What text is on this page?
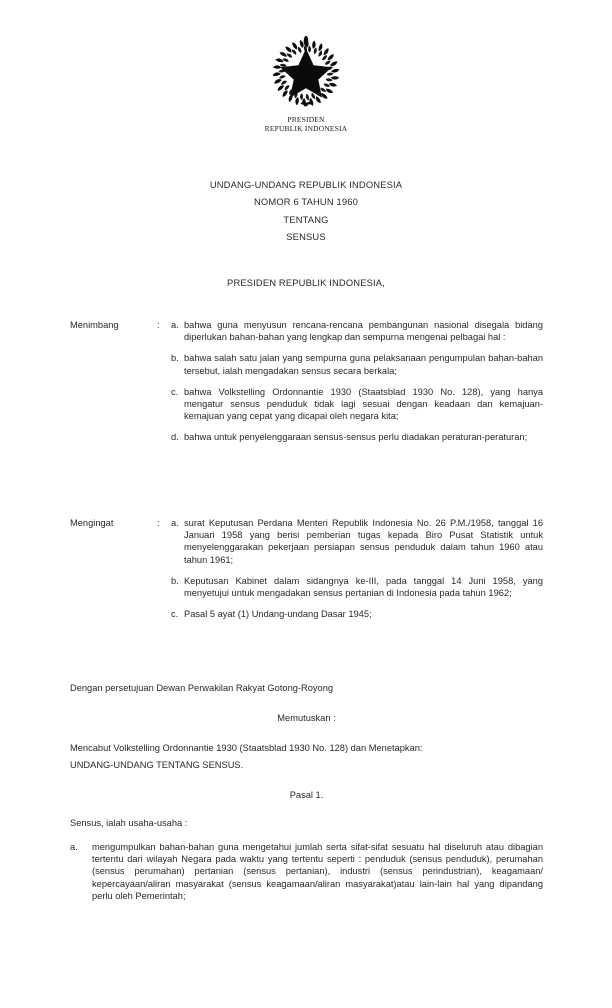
PRESIDEN
REPUBLIK INDONESIA
UNDANG-UNDANG REPUBLIK INDONESIA
NOMOR 6 TAHUN 1960
TENTANG
SENSUS
PRESIDEN REPUBLIK INDONESIA,
Menimbang	: a. bahwa guna menyusun rencana-rencana pembangunan nasional disegala bidang diperlukan bahan-bahan yang lengkap dan sempurna mengenai pelbagai hal :
b. bahwa salah satu jalan yang sempurna guna pelaksanaan pengumpulan bahan-bahan tersebut, ialah mengadakan sensus secara berkala;
c. bahwa Volkstelling Ordonnantie 1930 (Staatsblad 1930 No. 128), yang hanya mengatur sensus penduduk tidak lagi sesuai dengan keadaan dan kemajuan-kemajuan yang cepat yang dicapai oleh negara kita;
d. bahwa untuk penyelenggaraan sensus-sensus perlu diadakan peraturan-peraturan;
Mengingat	: a. surat Keputusan Perdana Menteri Republik Indonesia No. 26 P.M./1958, tanggal 16 Januari 1958 yang berisi pemberian tugas kepada Biro Pusat Statistik untuk menyelenggarakan pekerjaan persiapan sensus penduduk dalam tahun 1960 atau tahun 1961;
b. Keputusan Kabinet dalam sidangnya ke-III, pada tanggal 14 Juni 1958, yang menyetujui untuk mengadakan sensus pertanian di Indonesia pada tahun 1962;
c. Pasal 5 ayat (1) Undang-undang Dasar 1945;
Dengan persetujuan Dewan Perwakilan Rakyat Gotong-Royong
Memutuskan :
Mencabut Volkstelling Ordonnantie 1930 (Staatsblad 1930 No. 128) dan Menetapkan:
UNDANG-UNDANG TENTANG SENSUS.
Pasal 1.
Sensus, ialah usaha-usaha :
a. mengumpulkan bahan-bahan guna mengetahui jumlah serta sifat-sifat sesuatu hal diseluruh atau dibagian tertentu dari wilayah Negara pada waktu yang tertentu seperti : penduduk (sensus penduduk), perumahan (sensus perumahan) pertanian (sensus pertanian), industri (sensus perindustrian), keagamaan/ kepercayaan/aliran masyarakat (sensus keagamaan/aliran masyarakat)atau lain-lain hal yang dipandang perlu oleh Pemerintah;
